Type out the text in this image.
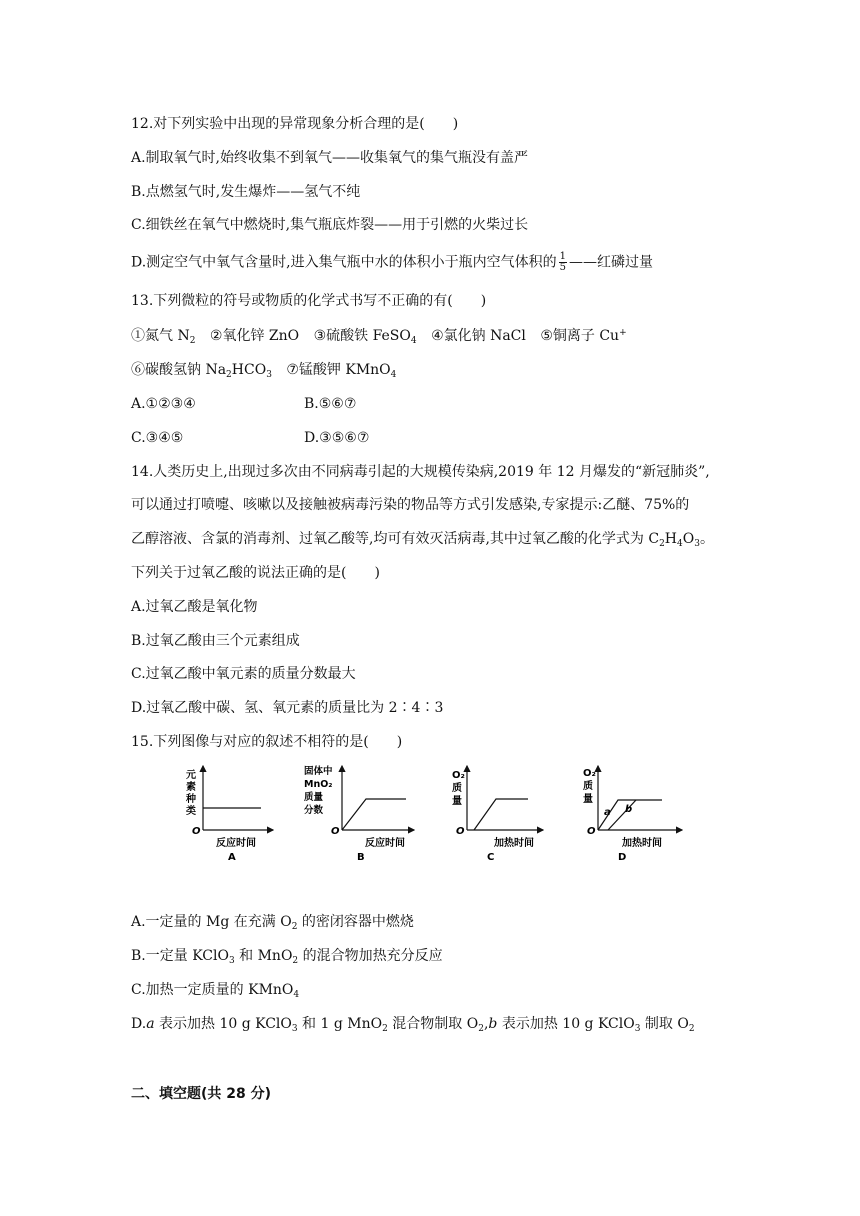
12.对下列实验中出现的异常现象分析合理的是(　　)
A.制取氧气时,始终收集不到氧气——收集氧气的集气瓶没有盖严
B.点燃氢气时,发生爆炸——氢气不纯
C.细铁丝在氧气中燃烧时,集气瓶底炸裂——用于引燃的火柴过长
D.测定空气中氧气含量时,进入集气瓶中水的体积小于瓶内空气体积的 $\frac{1}{5}$ ——红磷过量
13.下列微粒的符号或物质的化学式书写不正确的有(　　)
①氮气 $N_2$ ②氧化锌 ZnO ③硫酸铁 FeSO$_4$ ④氯化钠 NaCl ⑤铜离子 Cu+
⑥碳酸氢钠 $Na_2HCO_3$ ⑦锰酸钾 KMnO$_4$
A.①②③④	B.⑤⑥⑦
C.③④⑤	D.③⑤⑥⑦
14.人类历史上,出现过多次由不同病毒引起的大规模传染病,2019 年 12 月爆发的“新冠肺炎”,
可以通过打喷嚏、咳嗽以及接触被病毒污染的物品等方式引发感染,专家提示:乙醚、75%的
乙醇溶液、含氯的消毒剂、过氧乙酸等,均可有效灭活病毒,其中过氧乙酸的化学式为 $C_2H_4O_3$。
下列关于过氧乙酸的说法正确的是(　　)
A.过氧乙酸是氧化物
B.过氧乙酸由三个元素组成
C.过氧乙酸中氧元素的质量分数最大
D.过氧乙酸中碳、氢、氧元素的质量比为 2∶4∶3
15.下列图像与对应的叙述不相符的是(　　)
元
素
种
类
O
反应时间
A
固体中
MnO₂
质量
分数
O
反应时间
B
O₂
质
量
O
加热时间
C
O₂
质
量
O
a b
加热时间
D
A.一定量的 Mg 在充满 $O_2$ 的密闭容器中燃烧
B.一定量 KClO$_3$ 和 MnO$_2$ 的混合物加热充分反应
C.加热一定质量的 KMnO$_4$
D.a 表示加热 10 g KClO$_3$ 和 1 g MnO$_2$ 混合物制取 $O_2,b$ 表示加热 10 g KClO$_3$ 制取 $O_2$
二、填空题(共 28 分)
